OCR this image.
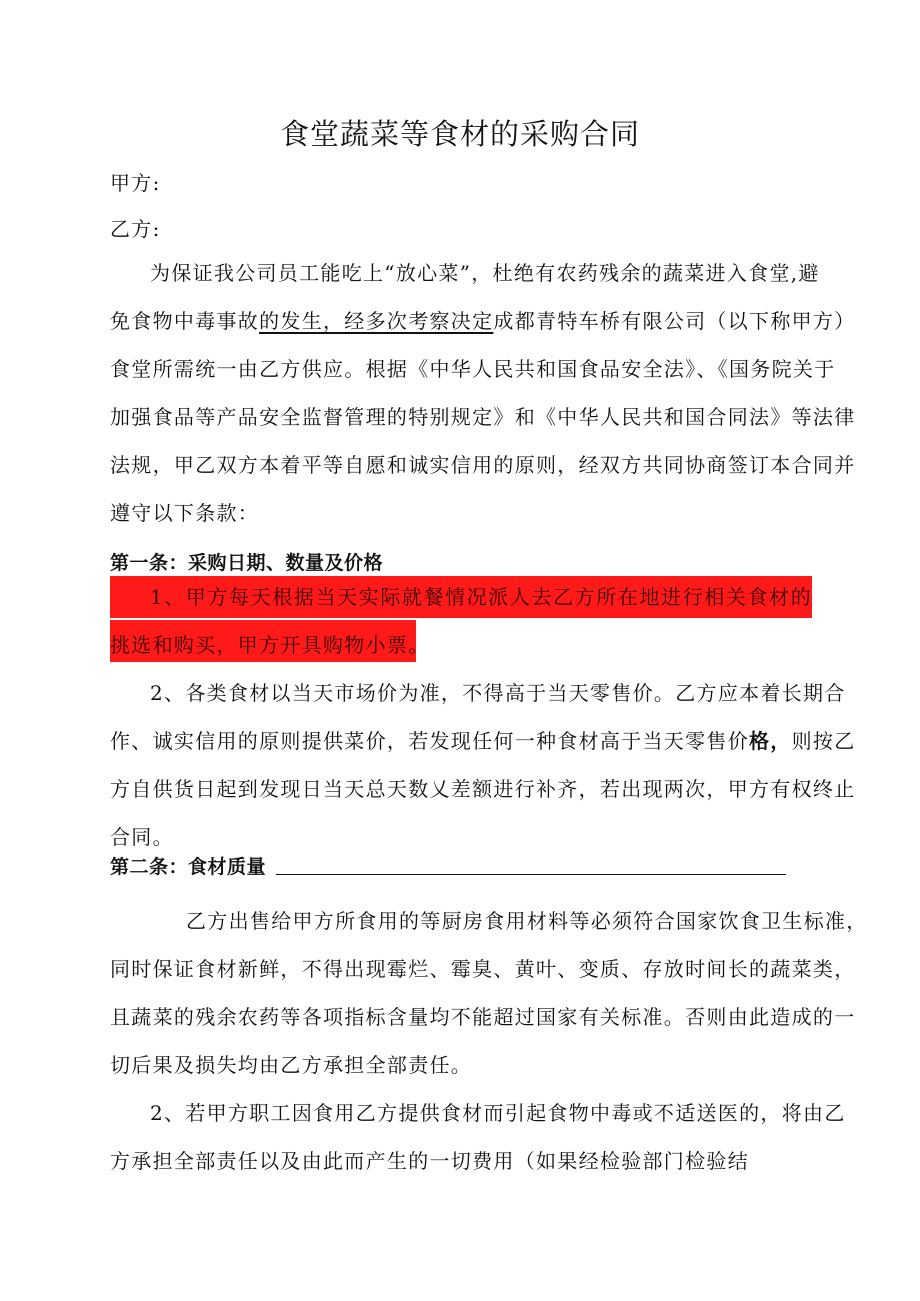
食堂蔬菜等食材的采购合同
甲方:
乙方:
为保证我公司员工能吃上“放心菜”，杜绝有农药残余的蔬菜进入食堂,避
免食物中毒事故的发生，经多次考察决定成都青特车桥有限公司（以下称甲方）
食堂所需统一由乙方供应。根据《中华人民共和国食品安全法》、《国务院关于
加强食品等产品安全监督管理的特别规定》和《中华人民共和国合同法》等法律
法规，甲乙双方本着平等自愿和诚实信用的原则，经双方共同协商签订本合同并
遵守以下条款：
第一条：采购日期、数量及价格
1、甲方每天根据当天实际就餐情况派人去乙方所在地进行相关食材的
挑选和购买，甲方开具购物小票。
2、各类食材以当天市场价为准，不得高于当天零售价。乙方应本着长期合
作、诚实信用的原则提供菜价，若发现任何一种食材高于当天零售价格，则按乙
方自供货日起到发现日当天总天数乂差额进行补齐，若出现两次，甲方有权终止
合同。
第二条：食材质量
乙方出售给甲方所食用的等厨房食用材料等必须符合国家饮食卫生标准，
同时保证食材新鲜，不得出现霉烂、霉臭、黄叶、变质、存放时间长的蔬菜类，
且蔬菜的残余农药等各项指标含量均不能超过国家有关标准。否则由此造成的一
切后果及损失均由乙方承担全部责任。
2、若甲方职工因食用乙方提供食材而引起食物中毒或不适送医的，将由乙
方承担全部责任以及由此而产生的一切费用（如果经检验部门检验结
